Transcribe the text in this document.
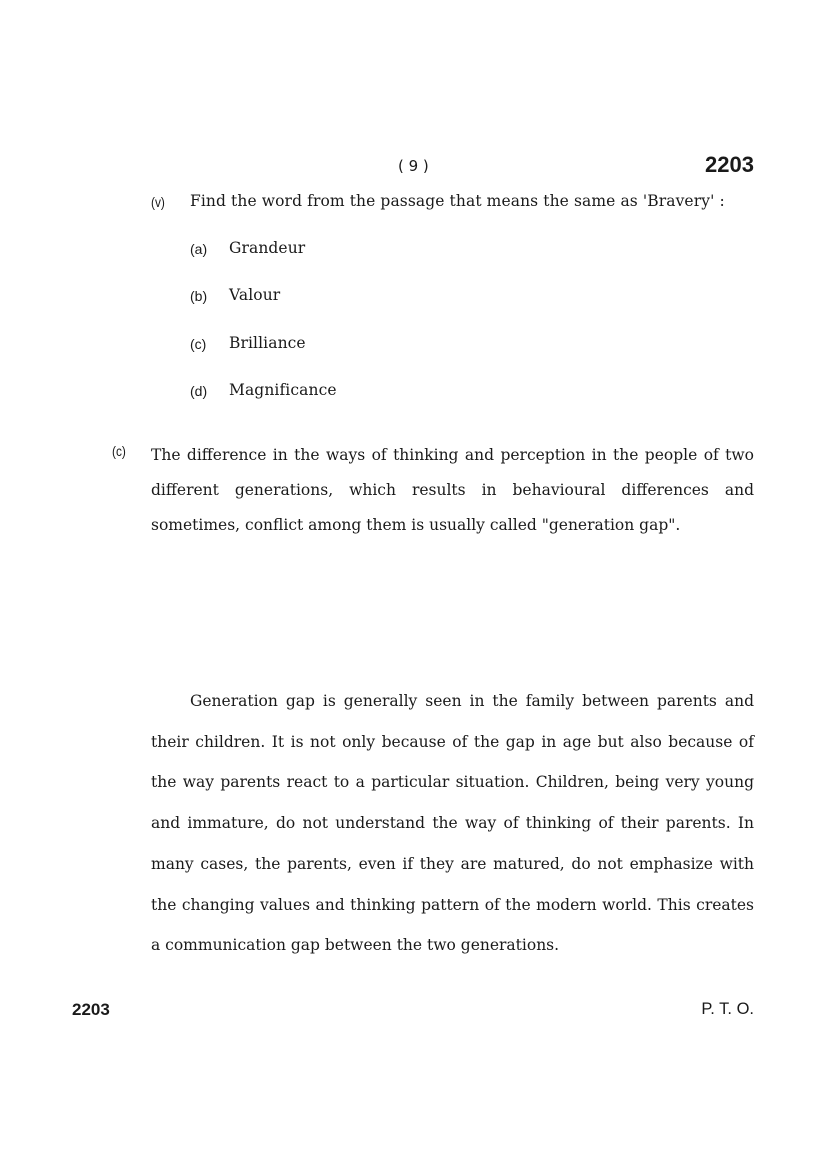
( 9 )	2203
(v) Find the word from the passage that means the same as 'Bravery' :
(a) Grandeur
(b) Valour
(c) Brilliance
(d) Magnificance
(c) The difference in the ways of thinking and perception in the people of two
different generations, which results in behavioural differences and
sometimes, conflict among them is usually called "generation gap".
Generation gap is generally seen in the family between parents and
their children. It is not only because of the gap in age but also because of
the way parents react to a particular situation. Children, being very young
and immature, do not understand the way of thinking of their parents. In
many cases, the parents, even if they are matured, do not emphasize with
the changing values and thinking pattern of the modern world. This creates
a communication gap between the two generations.
2203	P. T. O.
